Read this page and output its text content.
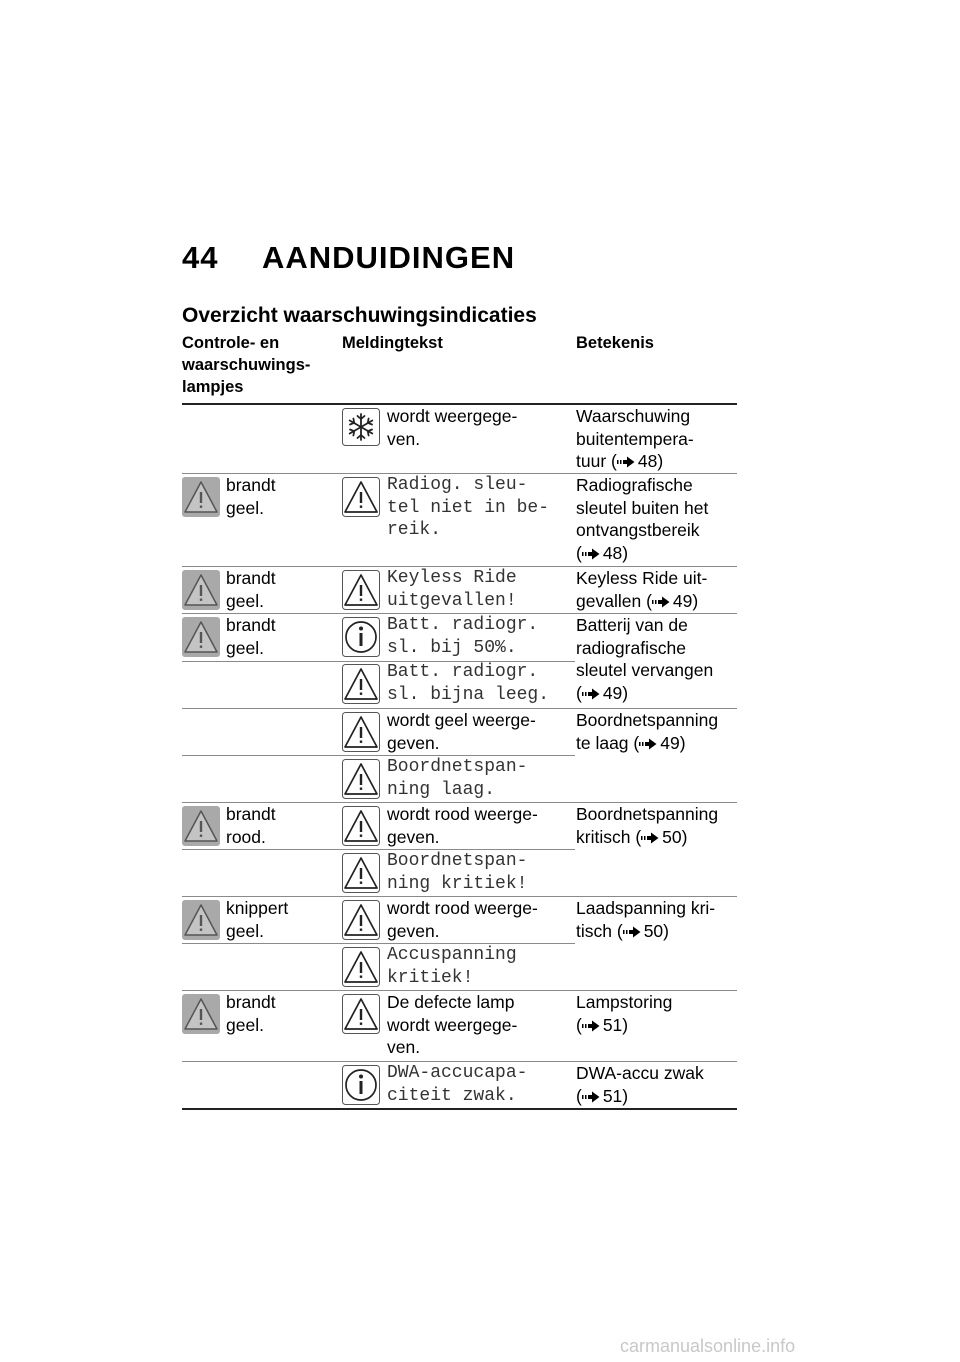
44 AANDUIDINGEN
Overzicht waarschuwingsindicaties
Controle- en
waarschuwings-
lampjes
Meldingtekst	Betekenis
wordt weergege-
ven.
Waarschuwing
buitentempera-
tuur ( 48)
brandt
geel.
Radiog. sleu-
tel niet in be-
reik.
Radiografische
sleutel buiten het
ontvangstbereik
( 48)
brandt
geel.
Keyless Ride
uitgevallen!
Keyless Ride uit-
gevallen ( 49)
brandt
geel.
Batt. radiogr.
sl. bij 50%.
Batterij van de
radiografische
sleutel vervangen
( 49)
Batt. radiogr.
sl. bijna leeg.
wordt geel weerge-
geven.
Boordnetspanning
te laag ( 49)
Boordnetspan-
ning laag.
brandt
rood.
wordt rood weerge-
geven.
Boordnetspanning
kritisch ( 50)
Boordnetspan-
ning kritiek!
knippert
geel.
wordt rood weerge-
geven.
Laadspanning kri-
tisch ( 50)
Accuspanning
kritiek!
brandt
geel.
De defecte lamp
wordt weergege-
ven.
Lampstoring
( 51)
DWA-accucapa-
citeit zwak.
DWA-accu zwak
( 51)
carmanualsonline.info
